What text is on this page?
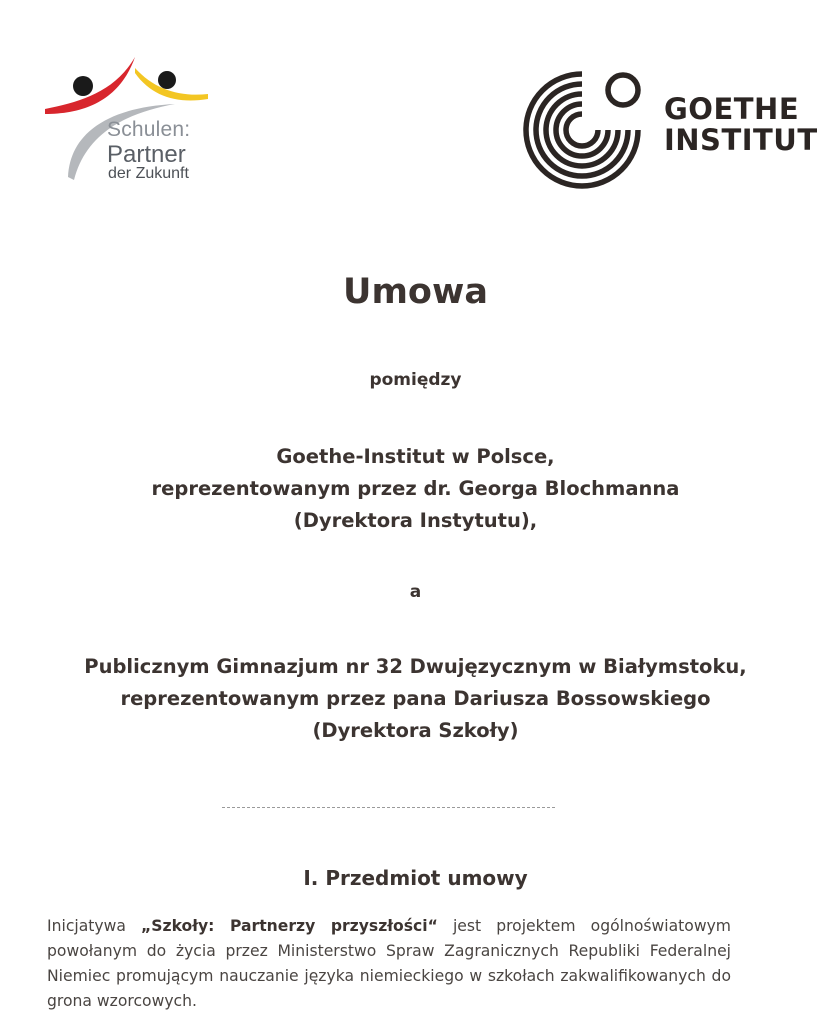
Schulen:
Partner
der Zukunft
GOETHE
INSTITUT
Umowa
pomiędzy
Goethe-Institut w Polsce,
reprezentowanym przez dr. Georga Blochmanna
(Dyrektora Instytutu),
a
Publicznym Gimnazjum nr 32 Dwujęzycznym w Białymstoku,
reprezentowanym przez pana Dariusza Bossowskiego
(Dyrektora Szkoły)
I. Przedmiot umowy
Inicjatywa „Szkoły: Partnerzy przyszłości“ jest projektem ogólnoświatowym powołanym do życia przez Ministerstwo Spraw Zagranicznych Republiki Federalnej Niemiec promującym nauczanie języka niemieckiego w szkołach zakwalifikowanych do grona wzorcowych.
